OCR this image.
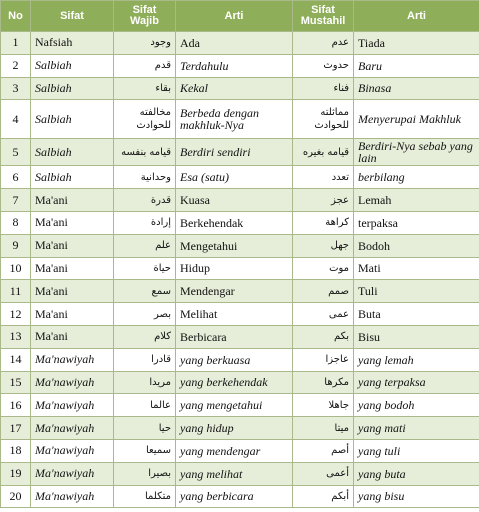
No	Sifat	Sifat Wajib	Arti	Sifat Mustahil	Arti
1	Nafsiah	وجود	Ada	عدم	Tiada
2	Salbiah	قدم	Terdahulu	حدوث	Baru
3	Salbiah	بقاء	Kekal	فناء	Binasa
4	Salbiah	مخالفته للحوادث	Berbeda dengan makhluk-Nya	مماثلته للحوادث	Menyerupai Makhluk
5	Salbiah	قيامه بنفسه	Berdiri sendiri	قيامه بغيره	Berdiri-Nya sebab yang lain
6	Salbiah	وحدانية	Esa (satu)	تعدد	berbilang
7	Ma'ani	قدرة	Kuasa	عجز	Lemah
8	Ma'ani	إرادة	Berkehendak	كراهة	terpaksa
9	Ma'ani	علم	Mengetahui	جهل	Bodoh
10	Ma'ani	حياة	Hidup	موت	Mati
11	Ma'ani	سمع	Mendengar	صمم	Tuli
12	Ma'ani	بصر	Melihat	عمى	Buta
13	Ma'ani	كلام	Berbicara	بكم	Bisu
14	Ma'nawiyah	قادرا	yang berkuasa	عاجزا	yang lemah
15	Ma'nawiyah	مريدا	yang berkehendak	مكرها	yang terpaksa
16	Ma'nawiyah	عالما	yang mengetahui	جاهلا	yang bodoh
17	Ma'nawiyah	حيا	yang hidup	ميتا	yang mati
18	Ma'nawiyah	سميعا	yang mendengar	أصم	yang tuli
19	Ma'nawiyah	بصيرا	yang melihat	أعمى	yang buta
20	Ma'nawiyah	متكلما	yang berbicara	أبكم	yang bisu
